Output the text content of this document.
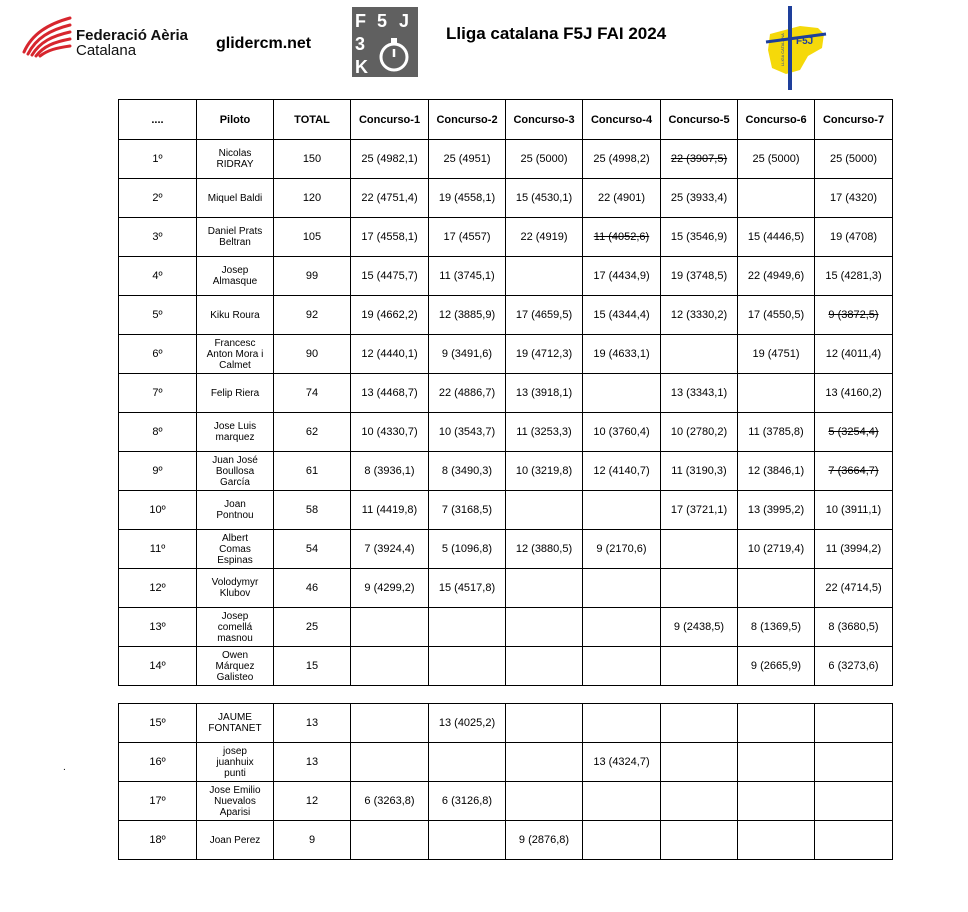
Federació Aèria
Catalana	glidercm.net
F 5 J
3
K
Lliga catalana F5J FAI 2024	F5J
LLIGA CATALANA
....	Piloto	TOTAL	Concurso-1	Concurso-2	Concurso-3	Concurso-4	Concurso-5	Concurso-6	Concurso-7
1º	Nicolas
RIDRAY	150	25 (4982,1)	25 (4951)	25 (5000)	25 (4998,2)	22 (3907,5)	25 (5000)	25 (5000)
2º	Miquel Baldi	120	22 (4751,4)	19 (4558,1)	15 (4530,1)	22 (4901)	25 (3933,4)		17 (4320)
3º	Daniel Prats
Beltran	105	17 (4558,1)	17 (4557)	22 (4919)	11 (4052,6)	15 (3546,9)	15 (4446,5)	19 (4708)
4º	Josep
Almasque	99	15 (4475,7)	11 (3745,1)		17 (4434,9)	19 (3748,5)	22 (4949,6)	15 (4281,3)
5º	Kiku Roura	92	19 (4662,2)	12 (3885,9)	17 (4659,5)	15 (4344,4)	12 (3330,2)	17 (4550,5)	9 (3872,5)
6º	Francesc
Anton Mora i
Calmet	90	12 (4440,1)	9 (3491,6)	19 (4712,3)	19 (4633,1)		19 (4751)	12 (4011,4)
7º	Felip Riera	74	13 (4468,7)	22 (4886,7)	13 (3918,1)		13 (3343,1)		13 (4160,2)
8º	Jose Luis
marquez	62	10 (4330,7)	10 (3543,7)	11 (3253,3)	10 (3760,4)	10 (2780,2)	11 (3785,8)	5 (3254,4)
9º	Juan José
Boullosa
García	61	8 (3936,1)	8 (3490,3)	10 (3219,8)	12 (4140,7)	11 (3190,3)	12 (3846,1)	7 (3664,7)
10º	Joan
Pontnou	58	11 (4419,8)	7 (3168,5)			17 (3721,1)	13 (3995,2)	10 (3911,1)
11º	Albert
Comas
Espinas	54	7 (3924,4)	5 (1096,8)	12 (3880,5)	9 (2170,6)		10 (2719,4)	11 (3994,2)
12º	Volodymyr
Klubov	46	9 (4299,2)	15 (4517,8)					22 (4714,5)
13º	Josep
comellá
masnou	25					9 (2438,5)	8 (1369,5)	8 (3680,5)
14º	Owen
Márquez
Galisteo	15						9 (2665,9)	6 (3273,6)
15º	JAUME
FONTANET	13		13 (4025,2)					
16º	josep
juanhuix
punti	13				13 (4324,7)			
17º	Jose Emilio
Nuevalos
Aparisi	12	6 (3263,8)	6 (3126,8)					
18º	Joan Perez	9			9 (2876,8)				
.
